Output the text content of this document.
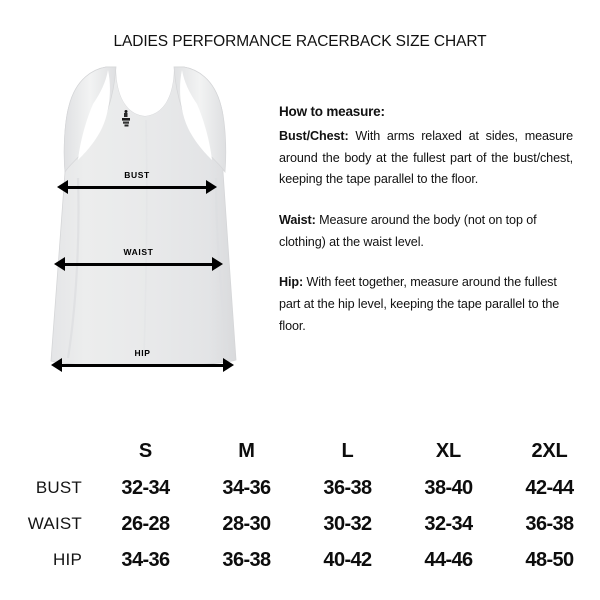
LADIES PERFORMANCE RACERBACK SIZE CHART
BUST
WAIST
HIP
How to measure:

Bust/Chest: With arms relaxed at sides, measure around the body at the fullest part of the bust/chest, keeping the tape parallel to the floor.

Waist: Measure around the body (not on top of clothing) at the waist level.

Hip: With feet together, measure around the fullest part at the hip level, keeping the tape parallel to the floor.

	S	M	L	XL	2XL
BUST	32-34	34-36	36-38	38-40	42-44
WAIST	26-28	28-30	30-32	32-34	36-38
HIP	34-36	36-38	40-42	44-46	48-50
